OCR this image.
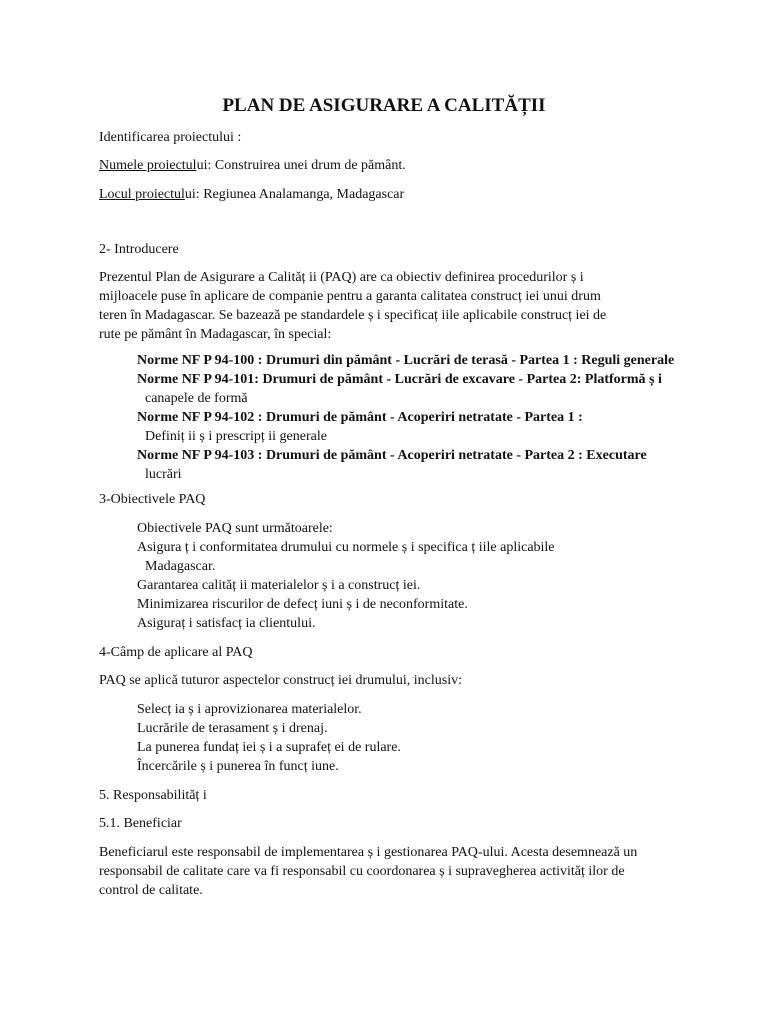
PLAN DE ASIGURARE A CALITĂȚII
Identificarea proiectului :
Numele proiectului: Construirea unei drum de pământ.
Locul proiectului: Regiunea Analamanga, Madagascar
2- Introducere
Prezentul Plan de Asigurare a Calităț ii (PAQ) are ca obiectiv definirea procedurilor ș i
mijloacele puse în aplicare de companie pentru a garanta calitatea construcț iei unui drum
teren în Madagascar. Se bazează pe standardele ș i specificaț iile aplicabile construcț iei de
rute pe pământ în Madagascar, în special:
Norme NF P 94-100 : Drumuri din pământ - Lucrări de terasă - Partea 1 : Reguli generale
Norme NF P 94-101: Drumuri de pământ - Lucrări de excavare - Partea 2: Platformă ș i
canapele de formă
Norme NF P 94-102 : Drumuri de pământ - Acoperiri netratate - Partea 1 :
Definiț ii ș i prescripț ii generale
Norme NF P 94-103 : Drumuri de pământ - Acoperiri netratate - Partea 2 : Executare
lucrări
3-Obiectivele PAQ
Obiectivele PAQ sunt următoarele:
Asigura ț i conformitatea drumului cu normele ș i specifica ț iile aplicabile
Madagascar.
Garantarea calităț ii materialelor ș i a construcț iei.
Minimizarea riscurilor de defecț iuni ș i de neconformitate.
Asiguraț i satisfacț ia clientului.
4-Câmp de aplicare al PAQ
PAQ se aplică tuturor aspectelor construcț iei drumului, inclusiv:
Selecț ia ș i aprovizionarea materialelor.
Lucrările de terasament ș i drenaj.
La punerea fundaț iei ș i a suprafeț ei de rulare.
Încercările ș i punerea în funcț iune.
5. Responsabilităț i
5.1. Beneficiar
Beneficiarul este responsabil de implementarea ș i gestionarea PAQ-ului. Acesta desemnează un
responsabil de calitate care va fi responsabil cu coordonarea ș i supravegherea activităț ilor de
control de calitate.
